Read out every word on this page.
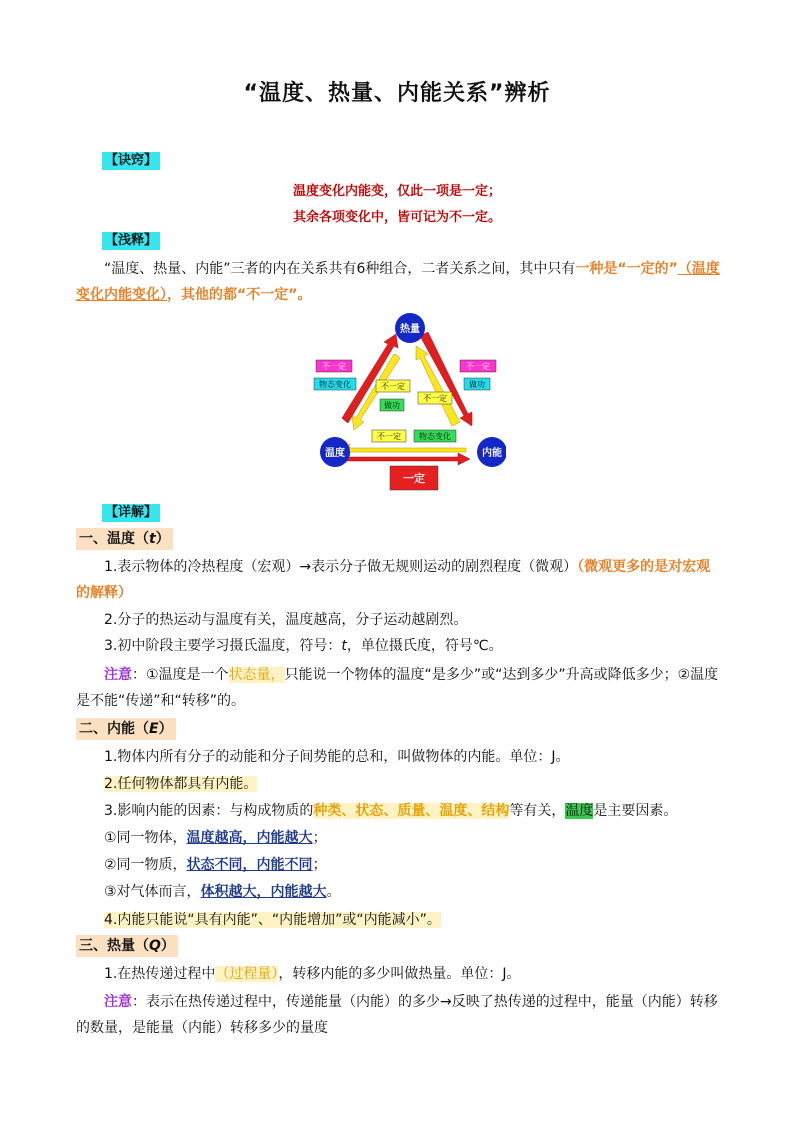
“温度、热量、内能关系”辨析
【诀窍】
温度变化内能变，仅此一项是一定；
其余各项变化中，皆可记为不一定。
【浅释】
“温度、热量、内能”三者的内在关系共有6种组合，二者关系之间，其中只有一种是“一定的”（温度变化内能变化），其他的都“不一定”。
热量
温度	内能
不一定
物态变化	不一定
做功
不一定
做功
不一定
不一定 物态变化
一定
【详解】
一、温度（t）
1.表示物体的冷热程度（宏观）→表示分子做无规则运动的剧烈程度（微观）（微观更多的是对宏观的解释）
2.分子的热运动与温度有关，温度越高，分子运动越剧烈。
3.初中阶段主要学习摄氏温度，符号：t，单位摄氏度，符号℃。
注意：①温度是一个状态量，只能说一个物体的温度“是多少”或“达到多少”升高或降低多少；②温度是不能“传递”和“转移”的。
二、内能（E）
1.物体内所有分子的动能和分子间势能的总和，叫做物体的内能。单位：J。
2.任何物体都具有内能。
3.影响内能的因素：与构成物质的种类、状态、质量、温度、结构等有关，温度是主要因素。
①同一物体，温度越高，内能越大；
②同一物质，状态不同，内能不同；
③对气体而言，体积越大，内能越大。
4.内能只能说“具有内能”、“内能增加”或“内能减小”。
三、热量（Q）
1.在热传递过程中（过程量），转移内能的多少叫做热量。单位：J。
注意：表示在热传递过程中，传递能量（内能）的多少→反映了热传递的过程中，能量（内能）转移的数量，是能量（内能）转移多少的量度
